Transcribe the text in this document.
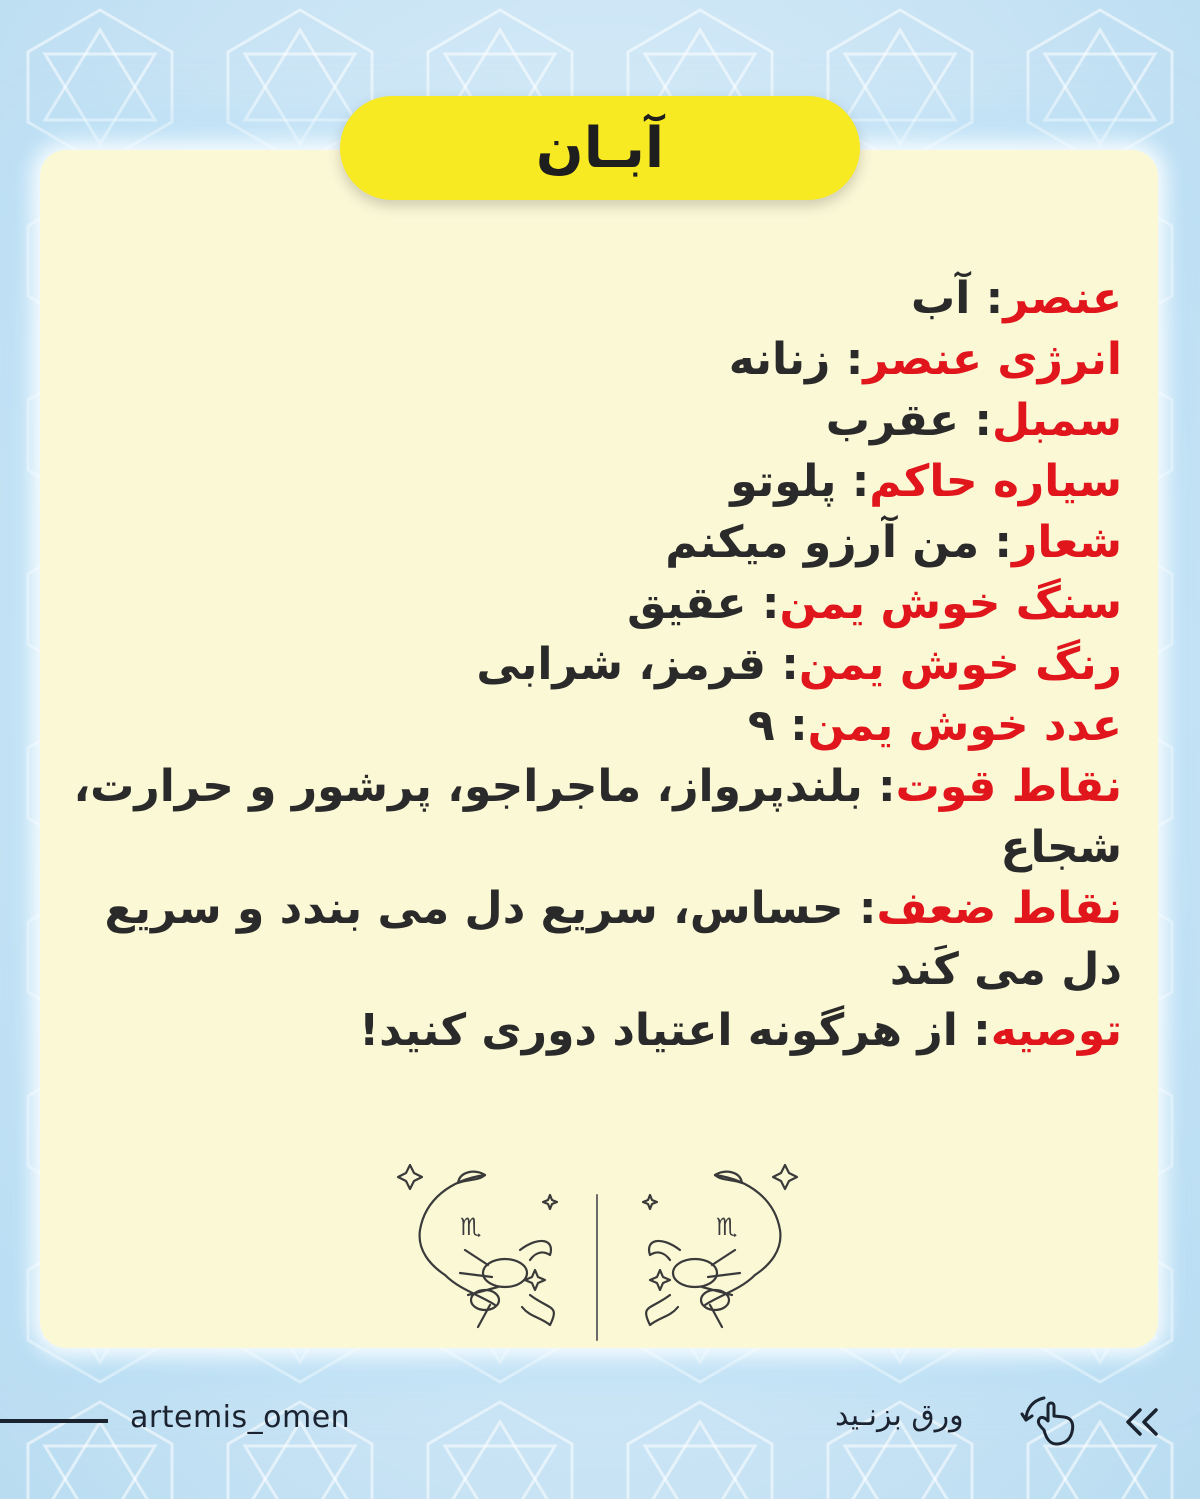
آبـان
عنصر: آب
انرژی عنصر: زنانه
سمبل: عقرب
سیاره حاکم: پلوتو
شعار: من آرزو میکنم
سنگ خوش یمن: عقیق
رنگ خوش یمن: قرمز، شرابی
عدد خوش یمن: ۹
نقاط قوت: بلندپرواز، ماجراجو، پرشور و حرارت، شجاع
نقاط ضعف: حساس، سریع دل می بندد و سریع دل می کَند
توصیه: از هرگونه اعتیاد دوری کنید!
♏	♏
artemis_omen	ورق بزنـید
